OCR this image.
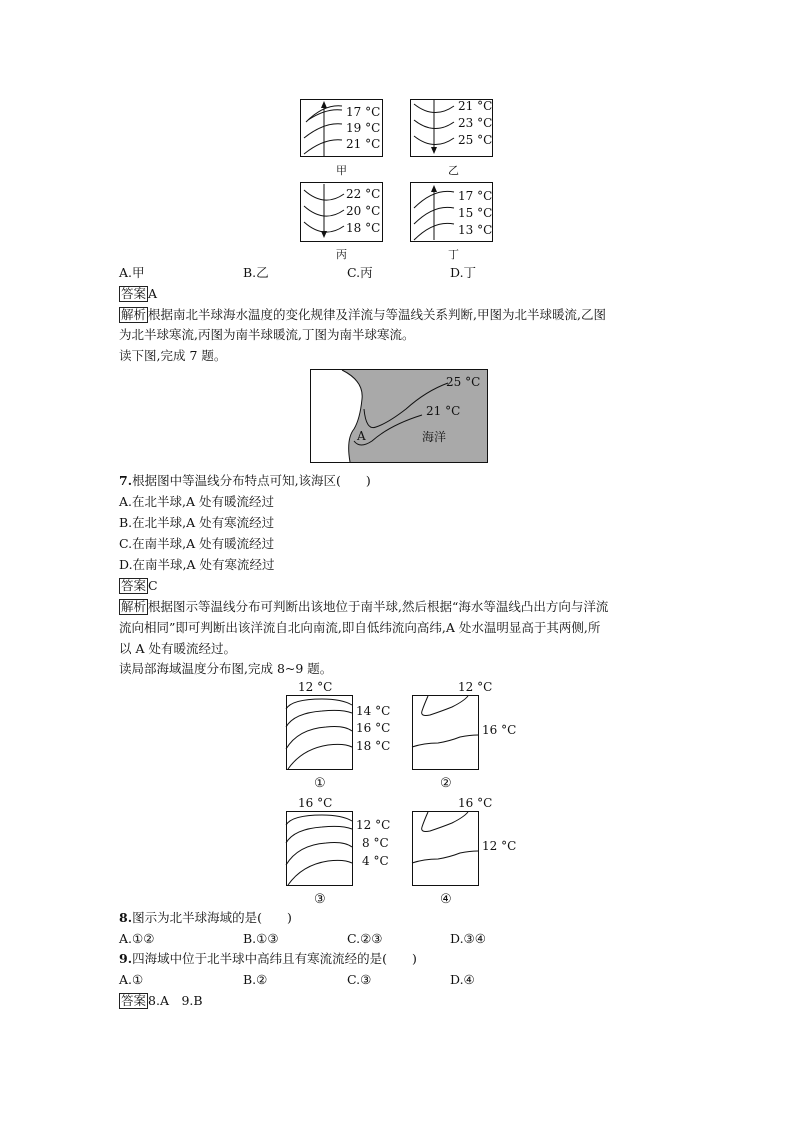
17 °C
19 °C
21 °C
甲
21 °C
23 °C
25 °C
乙
22 °C
20 °C
18 °C
丙
17 °C
15 °C
13 °C
丁
A.甲	B.乙	C.丙	D.丁
答案 A
解析 根据南北半球海水温度的变化规律及洋流与等温线关系判断,甲图为北半球暖流,乙图
为北半球寒流,丙图为南半球暖流,丁图为南半球寒流。
读下图,完成 7 题。
25 °C
21 °C
A	海洋
7.根据图中等温线分布特点可知,该海区(　　)
A.在北半球,A 处有暖流经过
B.在北半球,A 处有寒流经过
C.在南半球,A 处有暖流经过
D.在南半球,A 处有寒流经过
答案 C
解析 根据图示等温线分布可判断出该地位于南半球,然后根据“海水等温线凸出方向与洋流
流向相同”即可判断出该洋流自北向南流,即自低纬流向高纬,A 处水温明显高于其两侧,所
以 A 处有暖流经过。
读局部海域温度分布图,完成 8~9 题。
12 °C
14 °C
16 °C
18 °C
①
12 °C
16 °C
②
16 °C
12 °C
8 °C
4 °C
③
16 °C
12 °C
④
8.图示为北半球海域的是(　　)
A.①②	B.①③	C.②③	D.③④
9.四海域中位于北半球中高纬且有寒流流经的是(　　)
A.①	B.②	C.③	D.④
答案 8.A　9.B
